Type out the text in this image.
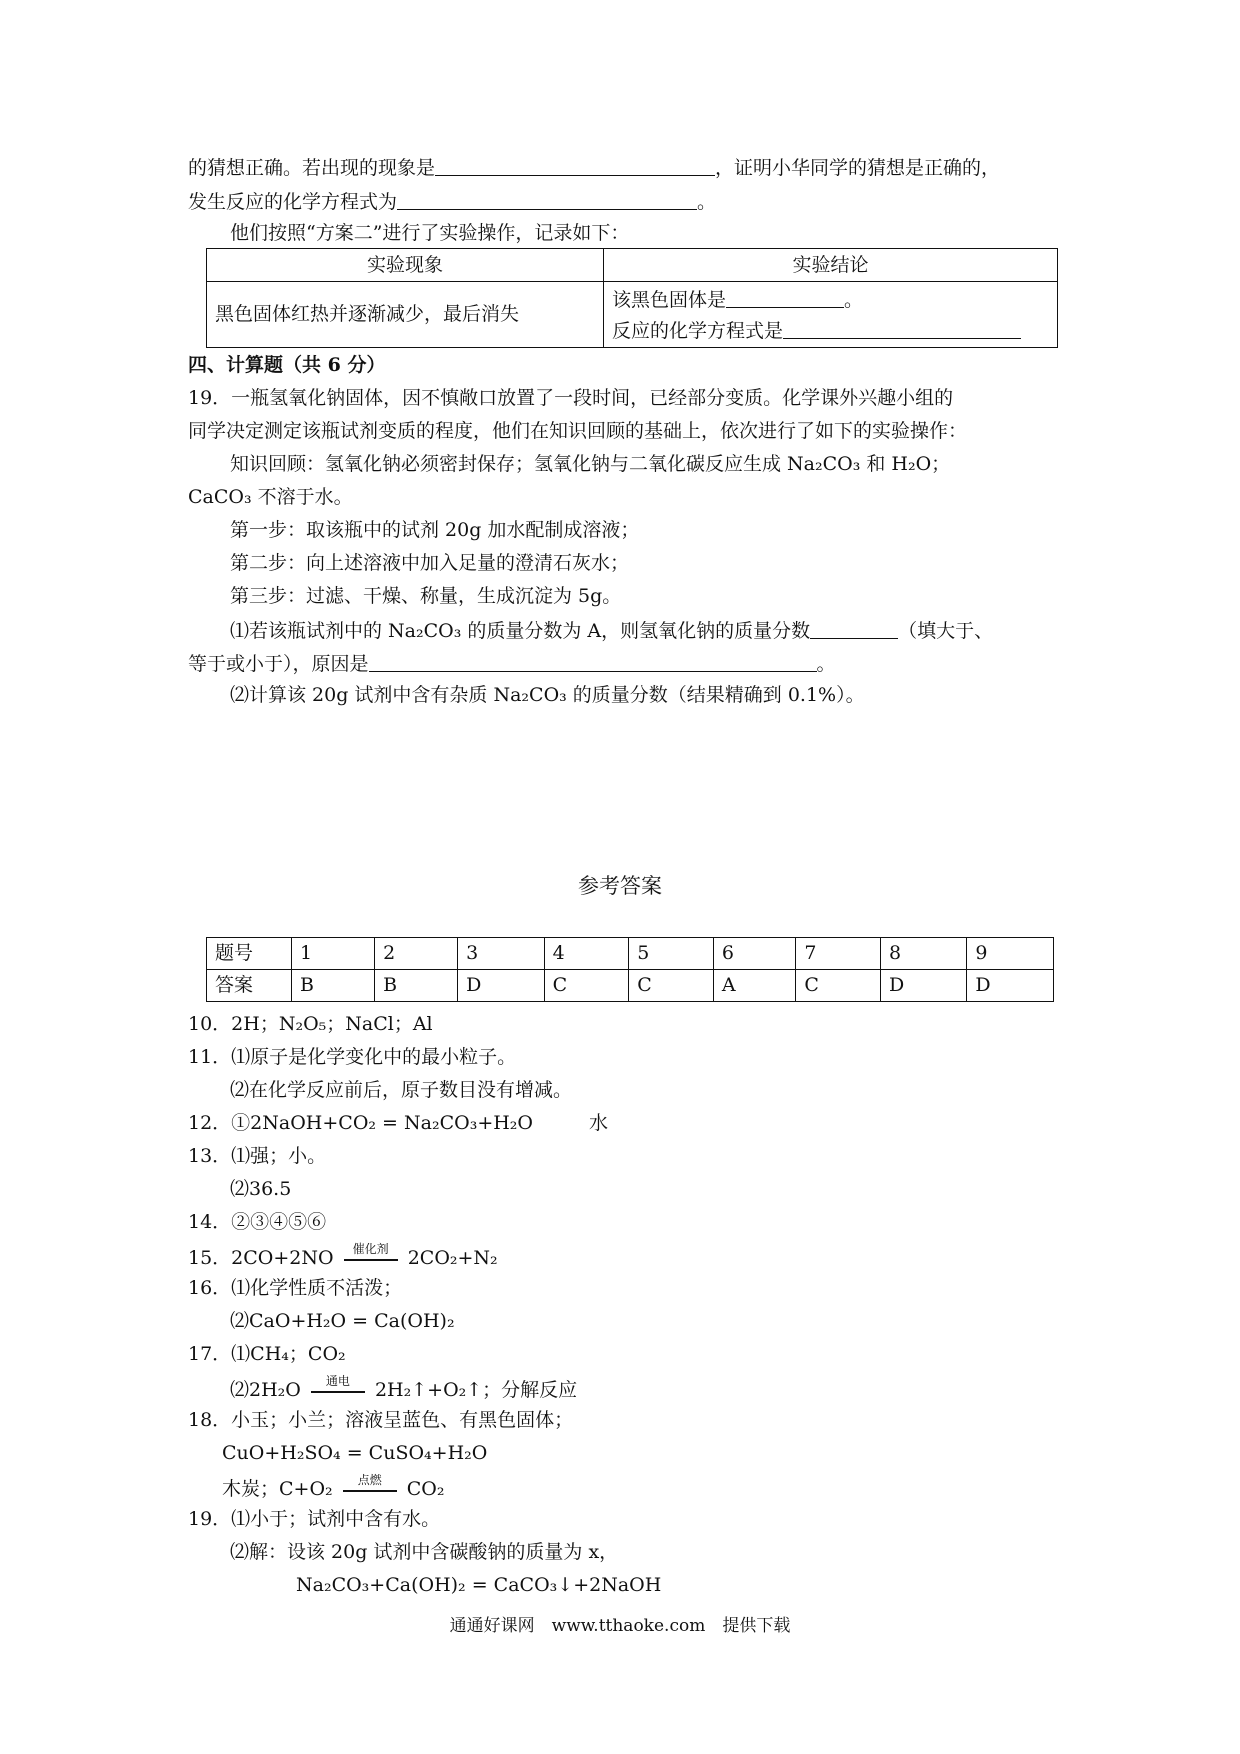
的猜想正确。若出现的现象是	，证明小华同学的猜想是正确的，
发生反应的化学方程式为	。
他们按照“方案二”进行了实验操作，记录如下：
实验现象	实验结论
黑色固体红热并逐渐减少，最后消失	该黑色固体是 。
反应的化学方程式是
四、计算题（共 6 分）
19．一瓶氢氧化钠固体，因不慎敞口放置了一段时间，已经部分变质。化学课外兴趣小组的
同学决定测定该瓶试剂变质的程度，他们在知识回顾的基础上，依次进行了如下的实验操作：
知识回顾：氢氧化钠必须密封保存；氢氧化钠与二氧化碳反应生成 Na₂CO₃ 和 H₂O；
CaCO₃ 不溶于水。
第一步：取该瓶中的试剂 20g 加水配制成溶液；
第二步：向上述溶液中加入足量的澄清石灰水；
第三步：过滤、干燥、称量，生成沉淀为 5g。
⑴若该瓶试剂中的 Na₂CO₃ 的质量分数为 A，则氢氧化钠的质量分数	（填大于、
等于或小于），原因是	。
⑵计算该 20g 试剂中含有杂质 Na₂CO₃ 的质量分数（结果精确到 0.1%）。
参考答案
题号	1	2	3	4	5	6	7	8	9
答案	B	B	D	C	C	A	C	D	D
10．2H；N₂O₅；NaCl；Al
11．⑴原子是化学变化中的最小粒子。
⑵在化学反应前后，原子数目没有增减。
12．①2NaOH+CO₂ = Na₂CO₃+H₂O	水
13．⑴强；小。
⑵36.5
14．②③④⑤⑥
15．2CO+2NO	催化剂	2CO₂+N₂
16．⑴化学性质不活泼；
⑵CaO+H₂O = Ca(OH)₂
17．⑴CH₄；CO₂
⑵2H₂O	通电	2H₂↑+O₂↑；分解反应
18．小玉；小兰；溶液呈蓝色、有黑色固体；
CuO+H₂SO₄ = CuSO₄+H₂O
木炭；C+O₂	点燃	CO₂
19．⑴小于；试剂中含有水。
⑵解：设该 20g 试剂中含碳酸钠的质量为 x，
Na₂CO₃+Ca(OH)₂ = CaCO₃↓+2NaOH
通通好课网　www.tthaoke.com　提供下载
